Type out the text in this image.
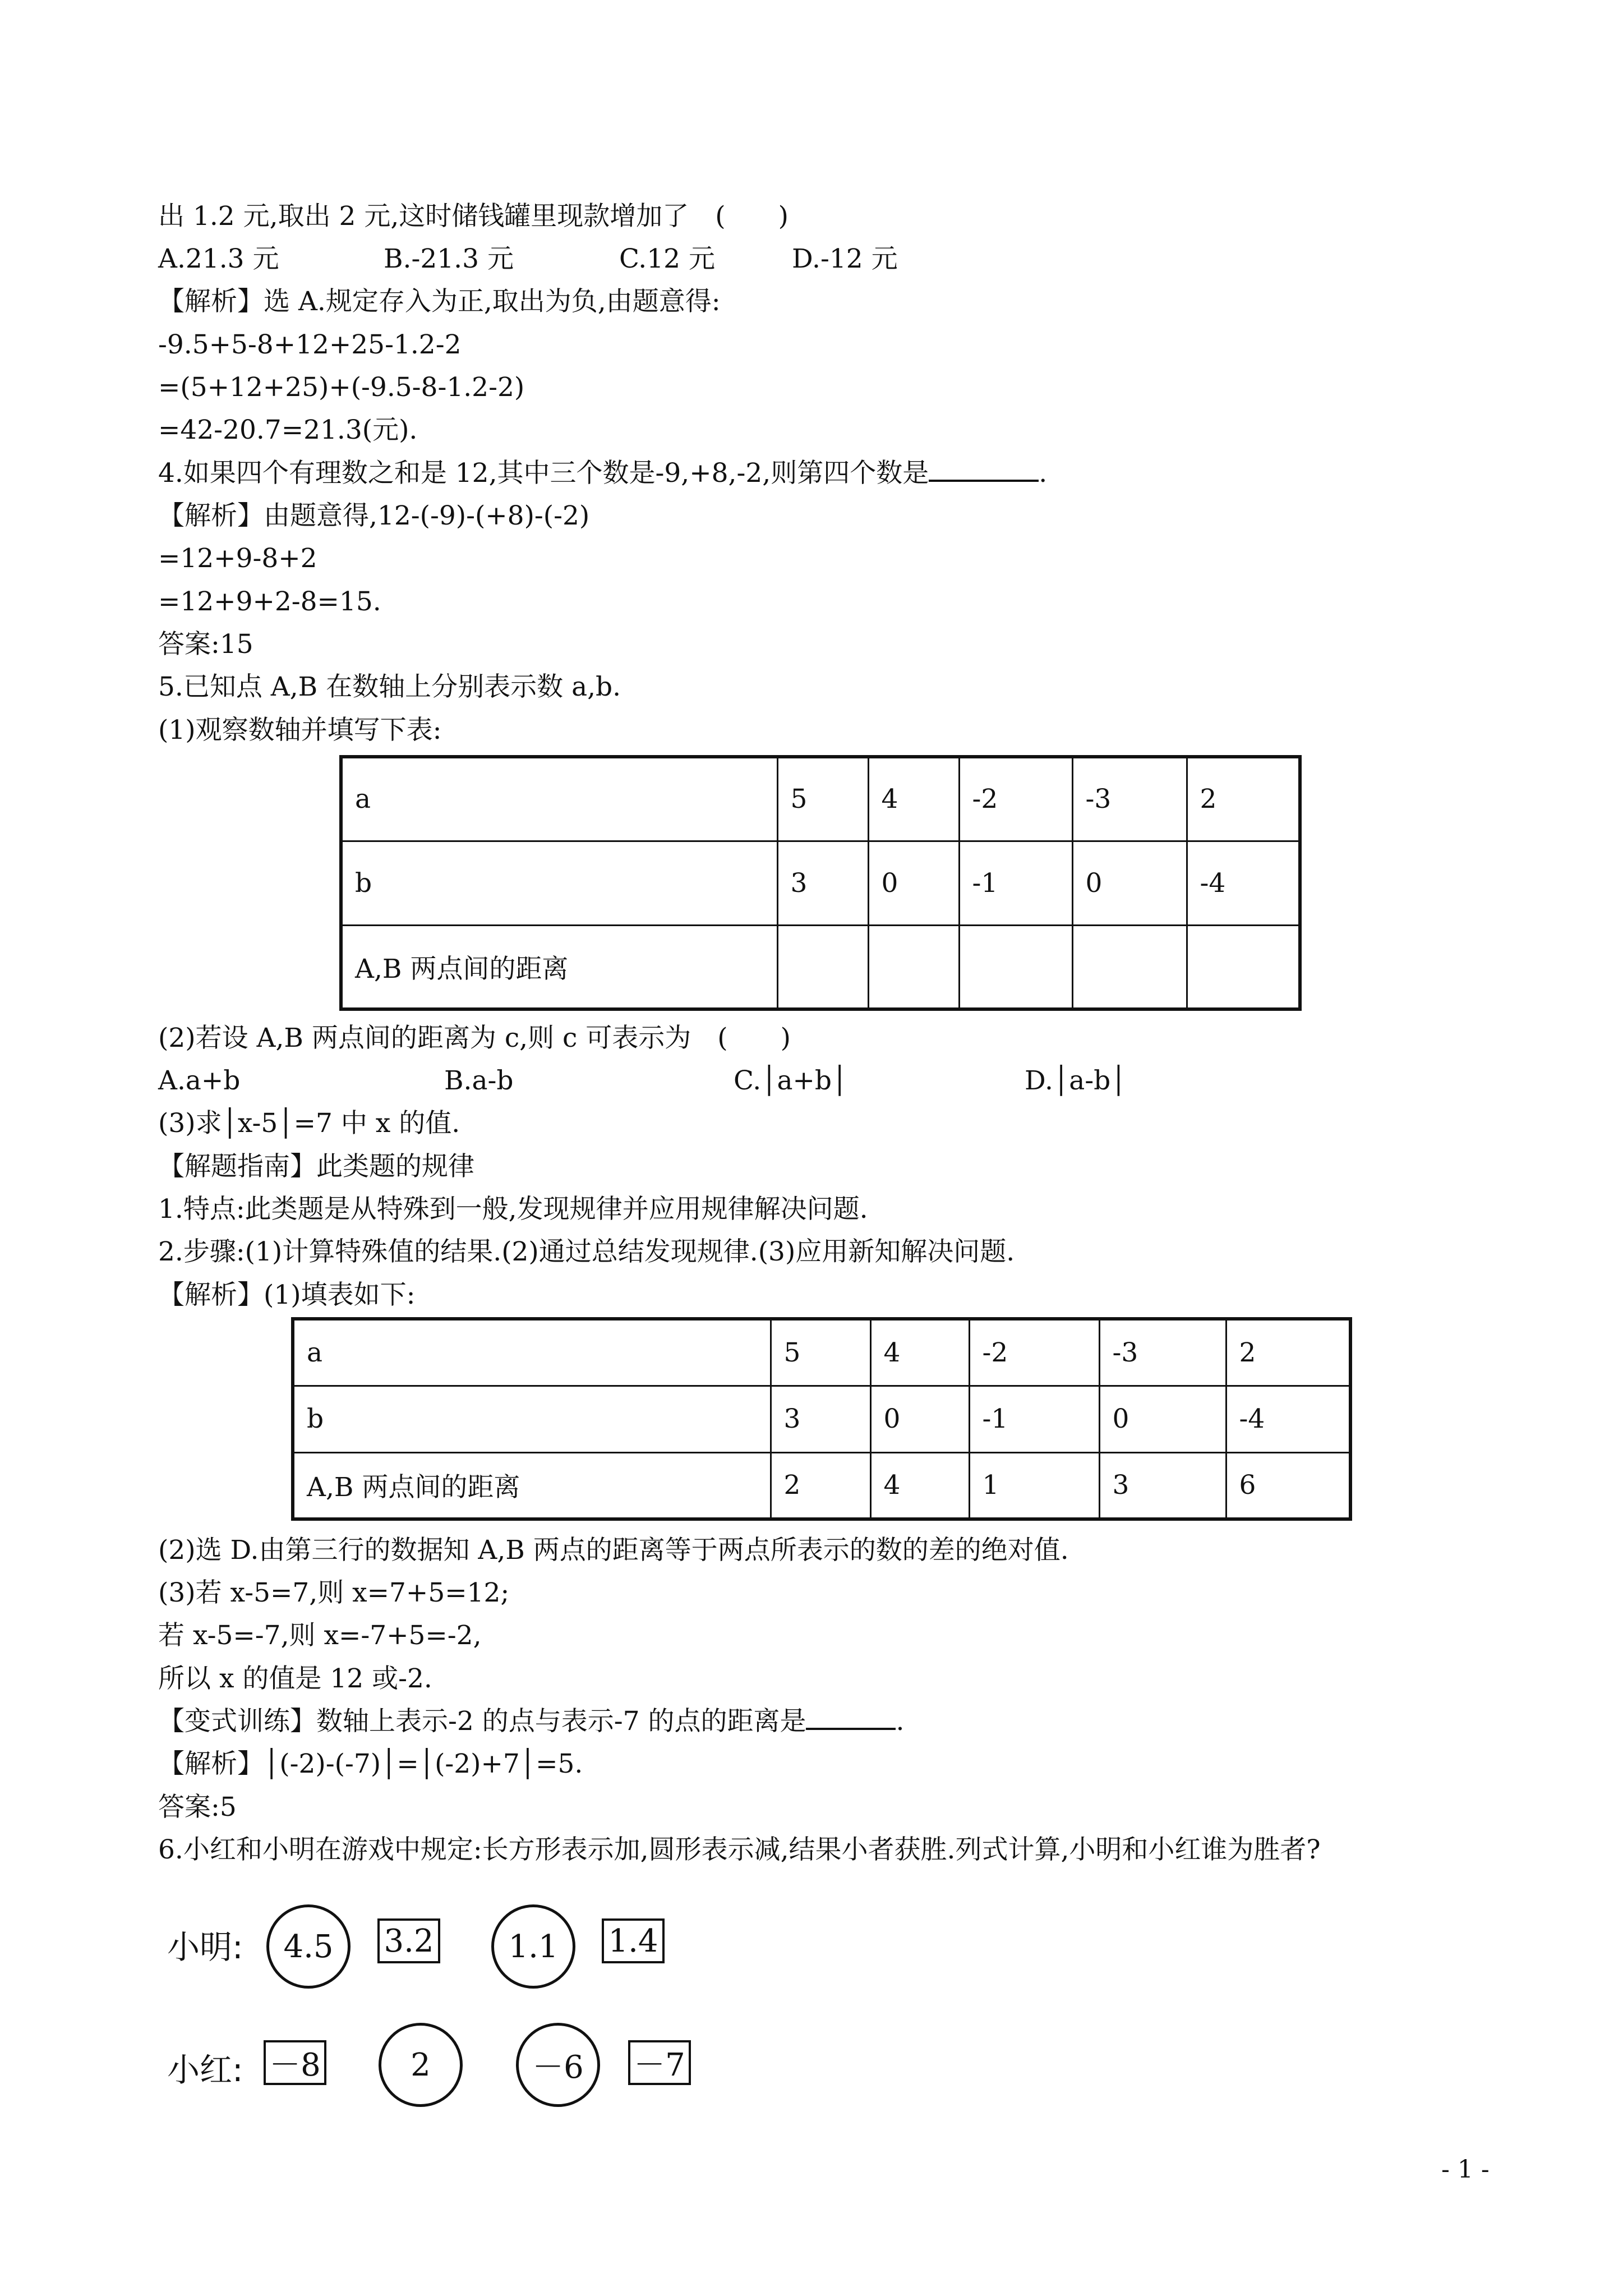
出 1.2 元,取出 2 元,这时储钱罐里现款增加了　(　　)
A.21.3 元	B.-21.3 元	C.12 元	D.-12 元
【解析】选 A.规定存入为正,取出为负,由题意得:
-9.5+5-8+12+25-1.2-2
=(5+12+25)+(-9.5-8-1.2-2)
=42-20.7=21.3(元).
4.如果四个有理数之和是 12,其中三个数是-9,+8,-2,则第四个数是	.
【解析】由题意得,12-(-9)-(+8)-(-2)
=12+9-8+2
=12+9+2-8=15.
答案:15
5.已知点 A,B 在数轴上分别表示数 a,b.
(1)观察数轴并填写下表:
a	5	4	-2	-3	2
b	3	0	-1	0	-4
A,B 两点间的距离					
(2)若设 A,B 两点间的距离为 c,则 c 可表示为　(　　)
A.a+b	B.a-b	C.│a+b│	D.│a-b│
(3)求│x-5│=7 中 x 的值.
【解题指南】此类题的规律
1.特点:此类题是从特殊到一般,发现规律并应用规律解决问题.
2.步骤:(1)计算特殊值的结果.(2)通过总结发现规律.(3)应用新知解决问题.
【解析】(1)填表如下:
a	5	4	-2	-3	2
b	3	0	-1	0	-4
A,B 两点间的距离	2	4	1	3	6
(2)选 D.由第三行的数据知 A,B 两点的距离等于两点所表示的数的差的绝对值.
(3)若 x-5=7,则 x=7+5=12;
若 x-5=-7,则 x=-7+5=-2,
所以 x 的值是 12 或-2.
【变式训练】数轴上表示-2 的点与表示-7 的点的距离是	.
【解析】│(-2)-(-7)│=│(-2)+7│=5.
答案:5
6.小红和小明在游戏中规定:长方形表示加,圆形表示减,结果小者获胜.列式计算,小明和小红谁为胜者?
小明:	4.5	3.2	1.1	1.4
小红: －8	2	－6	－7
- 1 -
